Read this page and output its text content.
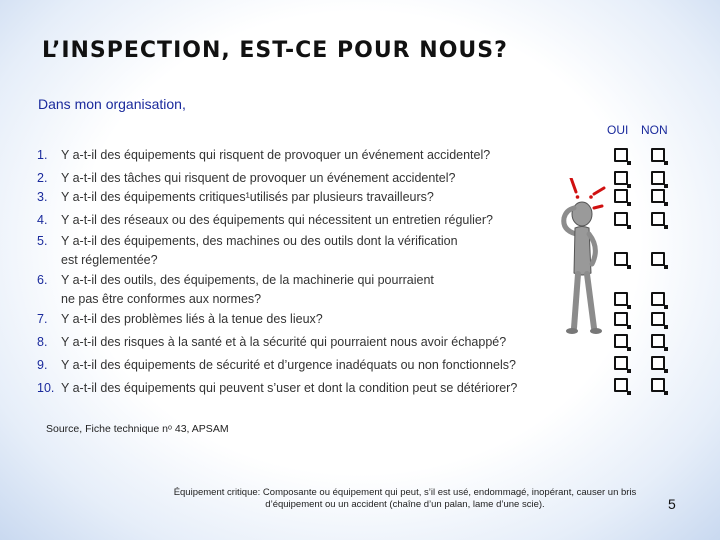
L’INSPECTION, EST-CE POUR NOUS?
Dans mon organisation,
OUI NON
1. Y a-t-il des équipements qui risquent de provoquer un événement accidentel?
2. Y a-t-il des tâches qui risquent de provoquer un événement accidentel?
3. Y a-t-il des équipements critiques¹utilisés par plusieurs travailleurs?
4. Y a-t-il des réseaux ou des équipements qui nécessitent un entretien régulier?
5. Y a-t-il des équipements, des machines ou des outils dont la vérification
est réglementée?
6. Y a-t-il des outils, des équipements, de la machinerie qui pourraient
ne pas être conformes aux normes?
7. Y a-t-il des problèmes liés à la tenue des lieux?
8. Y a-t-il des risques à la santé et à la sécurité qui pourraient nous avoir échappé?
9. Y a-t-il des équipements de sécurité et d’urgence inadéquats ou non fonctionnels?
10. Y a-t-il des équipements qui peuvent s’user et dont la condition peut se détériorer?
Source, Fiche technique nᵒ 43, APSAM
Équipement critique: Composante ou équipement qui peut, s’il est usé, endommagé, inopérant, causer un bris d’équipement ou un accident (chaîne d’un palan, lame d’une scie).	5
